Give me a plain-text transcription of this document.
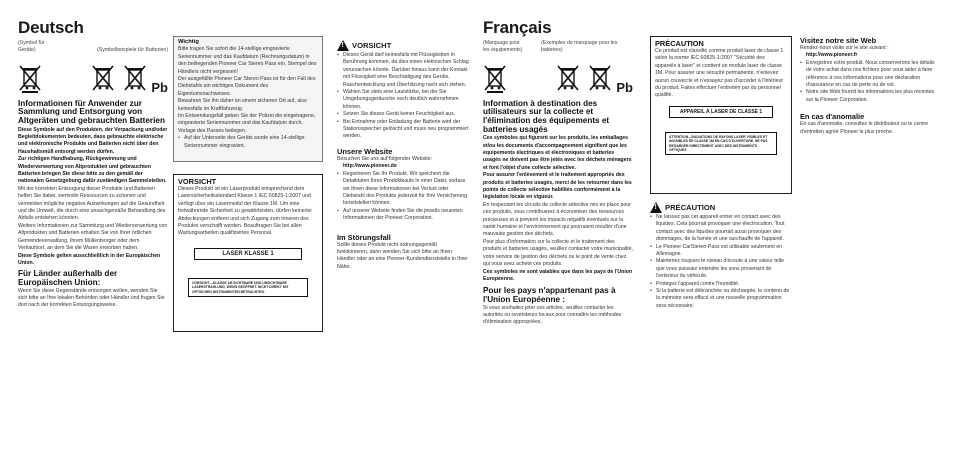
Deutsch
(Symbol für Geräte)	(Symbolbeispiele für Batterien)
Pb
Informationen für Anwender zur Sammlung und Entsorgung von Altgeräten und gebrauchten Batterien
Diese Symbole auf den Produkten, der Verpackung und/oder Begleitdokumenten bedeuten, dass gebrauchte elektrische und elektronische Produkte und Batterien nicht über den Haushaltsmüll entsorgt werden dürfen.
Zur richtigen Handhabung, Rückgewinnung und Wiederverwertung von Altprodukten und gebrauchten Batterien bringen Sie diese bitte zu den gemäß der nationalen Gesetzgebung dafür zuständigen Sammelstellen.
Mit der korrekten Entsorgung dieser Produkte und Batterien helfen Sie dabei, wertvolle Ressourcen zu schonen und vermeiden mögliche negative Auswirkungen auf die Gesundheit und die Umwelt, die durch eine unsachgemäße Behandlung des Abfalls entstehen könnten.
Weitere Informationen zur Sammlung und Wiederverwertung von Altprodukten und Batterien erhalten Sie von Ihrer örtlichen Gemeindeverwaltung, Ihrem Müllentsorger oder dem Verkaufsort, an dem Sie die Waren erworben haben.
Diese Symbole gelten ausschließlich in der Europäischen Union.
Für Länder außerhalb der Europäischen Union:
Wenn Sie diese Gegenstände entsorgen wollen, wenden Sie sich bitte an Ihre lokalen Behörden oder Händler und fragen Sie dort nach der korrekten Entsorgungsweise.
Wichtig
Bitte tragen Sie sofort die 14-stellige eingravierte Seriennummer und das Kaufdatum (Rechnungsdatum) in den beiliegenden Pioneer Car Stereo Pass ein. Stempel des Händlers nicht vergessen!
Der ausgefüllte Pioneer Car Stereo Pass ist für den Fall des Diebstahls ein wichtiges Dokument des Eigentumsnachweises.
Bewahren Sie ihn daher an einem sicheren Ort auf, also keinesfalls im Kraftfahrzeug.
Im Entwendungsfall geben Sie der Polizei die eingetragene, eingravierte Seriennummer und das Kaufdatum durch. Vorlage des Passes beilegen.
• Auf der Unterseite des Geräts wurde eine 14-stellige Seriennummer eingraviert.
VORSICHT
Dieses Produkt ist ein Laserprodukt entsprechend dem Lasersicherheitsstandard Klasse 1 IEC 60825-1:2007 und verfügt über ein Lasermodul der Klasse 1M. Um eine fortwährende Sicherheit zu gewährleisten, dürfen keinerlei Abdeckungen entfernt und sich Zugang zum Inneren des Produkts verschafft werden. Beauftragen Sie bei allen Wartungsarbeiten qualifiziertes Personal.
LASER KLASSE 1
VORSICHT—KLASSE 1M SICHTBARE UND UNSICHTBARE LASERSTRAHLUNG, WENN GEÖFFNET. NICHT DIREKT MIT OPTISCHEN INSTRUMENTEN BETRACHTEN.
!
VORSICHT
• Dieses Gerät darf keinesfalls mit Flüssigkeiten in Berührung kommen, da dies einen elektrischen Schlag verursachen könnte. Darüber hinaus kann der Kontakt mit Flüssigkeit eine Beschädigung des Geräts, Rauchentwicklung und Überhitzung nach sich ziehen.
• Wählen Sie stets eine Lautstärke, bei der Sie Umgebungsgeräusche noch deutlich wahrnehmen können.
• Setzen Sie dieses Gerät keiner Feuchtigkeit aus.
• Bei Entnahme oder Entladung der Batterie wird der Stationsspeicher gelöscht und muss neu programmiert werden.
Unsere Website
Besuchen Sie uns auf folgender Website:
http://www.pioneer.de
• Registrieren Sie Ihr Produkt. Wir speichern die Detaildaten Ihres Produktkaufs in einer Datei, sodass wir Ihnen diese Informationen bei Verlust oder Diebstahl des Produkts jederzeit für Ihre Versicherung bereitstellen können.
• Auf unserer Website finden Sie die jeweils neuesten Informationen der Pioneer Corporation.
Im Störungsfall
Sollte dieses Produkt nicht ordnungsgemäß funktionieren, dann wenden Sie sich bitte an Ihren Händler oder an eine Pioneer-Kundendienststelle in Ihrer Nähe.
Français
(Marquage pour les équipements)
(Exemples de marquage pour les batteries)
Pb
Information à destination des utilisateurs sur la collecte et l'élimination des équipements et batteries usagés
Ces symboles qui figurent sur les produits, les emballages et/ou les documents d'accompagnement signifient que les équipements électriques et électroniques et batteries usagés ne doivent pas être jetés avec les déchets ménagers et font l'objet d'une collecte sélective.
Pour assurer l'enlèvement et le traitement appropriés des produits et batteries usagés, merci de les retourner dans les points de collecte sélective habilités conformément à la législation locale en vigueur.
En respectant les circuits de collecte sélective mis en place pour ces produits, vous contribuerez à économiser des ressources précieuses et à prévenir les impacts négatifs éventuels sur la santé humaine et l'environnement qui pourraient résulter d'une mauvaise gestion des déchets.
Pour plus d'information sur la collecte et le traitement des produits et batteries usagés, veuillez contacter votre municipalité, votre service de gestion des déchets ou le point de vente chez qui vous avez acheté ces produits.
Ces symboles ne sont valables que dans les pays de l'Union Européenne.
Pour les pays n'appartenant pas à l'Union Européenne :
Si vous souhaitez jeter ces articles, veuillez contacter les autorités ou revendeurs locaux pour connaître les méthodes d'élimination appropriées.
PRÉCAUTION
Ce produit est classifié comme produit laser de classe 1 selon la norme IEC 60825-1:2007 "Sécurité des appareils à laser" et contient un module laser de classe 1M. Pour assurer une sécurité permanente, n'enlevez aucun couvercle et n'essayez pas d'accéder à l'intérieur du produit. Faites effectuer l'entretien par du personnel qualifié.
APPAREIL À LASER DE CLASSE 1
ATTENTION—RADIATIONS DE RAYONS LASER VISIBLES ET INVISIBLES DE CLASSE 1M EN CAS D'OUVERTURE. NE PAS REGARDER DIRECTEMENT AVEC DES INSTRUMENTS OPTIQUES.
!
PRÉCAUTION
• Ne laissez pas cet appareil entrer en contact avec des liquides. Cela pourrait provoquer une électrocution. Tout contact avec des liquides pourrait aussi provoquer des dommages, de la fumée et une surchauffe de l'appareil.
• Le Pioneer CarStereo-Pass est utilisable seulement en Allemagne.
• Maintenez toujours le niveau d'écoute à une valeur telle que vous puissiez entendre les sons provenant de l'extérieur du véhicule.
• Protégez l'appareil contre l'humidité.
• Si la batterie est débranchée ou déchargée, le contenu de la mémoire sera effacé et une nouvelle programmation sera nécessaire.
Visitez notre site Web
Rendez-nous visite sur le site suivant :
http://www.pioneer.fr
• Enregistrez votre produit. Nous conserverons les détails de votre achat dans nos fichiers pour vous aider à faire référence à ces informations pour une déclaration d'assurance en cas de perte ou de vol.
• Notre site Web fournit les informations les plus récentes sur la Pioneer Corporation.
En cas d'anomalie
En cas d'anomalie, consultez le distributeur ou le centre d'entretien agréé Pioneer le plus proche.
